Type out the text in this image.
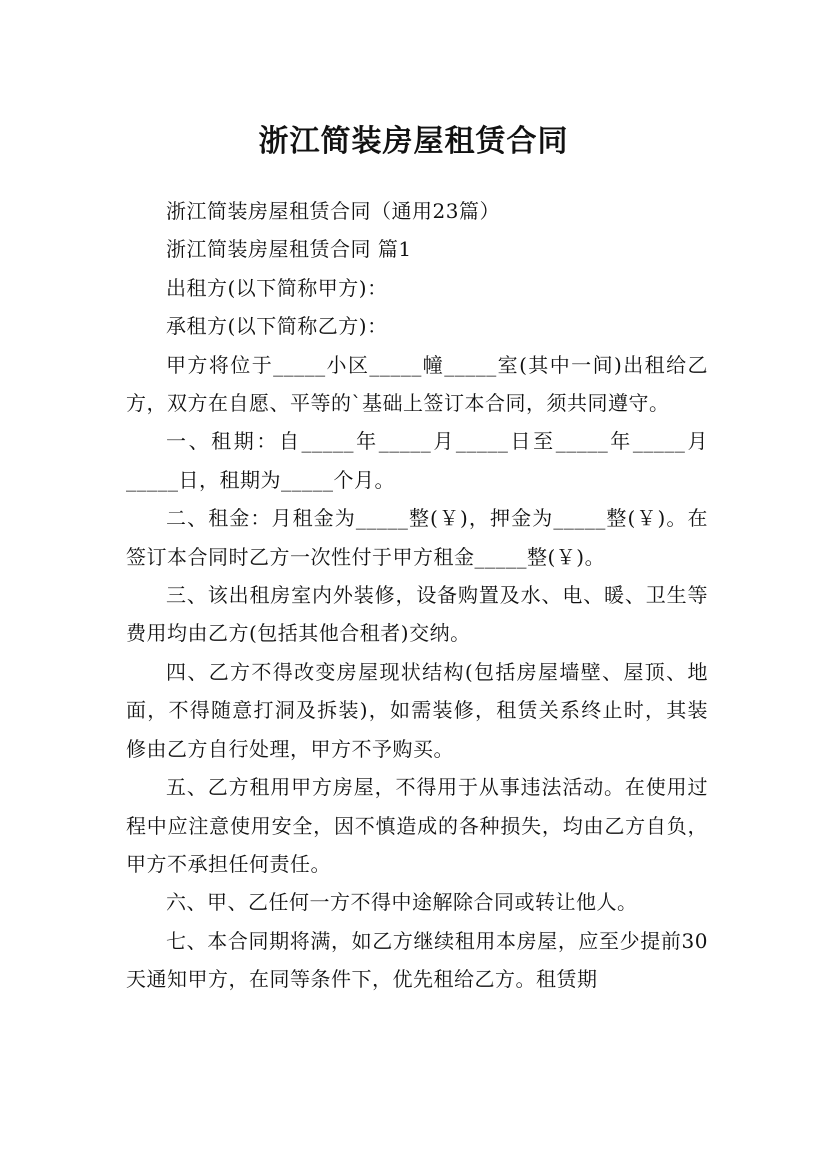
浙江简装房屋租赁合同

浙江简装房屋租赁合同（通用23篇）

浙江简装房屋租赁合同 篇1

出租方(以下简称甲方)：

承租方(以下简称乙方)：

甲方将位于_____小区_____幢_____室(其中一间)出租给乙方，双方在自愿、平等的`基础上签订本合同，须共同遵守。

一、租期：自_____年_____月_____日至_____年_____月_____日，租期为_____个月。

二、租金：月租金为_____整(￥)，押金为_____整(￥)。在签订本合同时乙方一次性付于甲方租金_____整(￥)。

三、该出租房室内外装修，设备购置及水、电、暖、卫生等费用均由乙方(包括其他合租者)交纳。

四、乙方不得改变房屋现状结构(包括房屋墙壁、屋顶、地面，不得随意打洞及拆装)，如需装修，租赁关系终止时，其装修由乙方自行处理，甲方不予购买。

五、乙方租用甲方房屋，不得用于从事违法活动。在使用过程中应注意使用安全，因不慎造成的各种损失，均由乙方自负，甲方不承担任何责任。

六、甲、乙任何一方不得中途解除合同或转让他人。

七、本合同期将满，如乙方继续租用本房屋，应至少提前30天通知甲方，在同等条件下，优先租给乙方。租赁期
